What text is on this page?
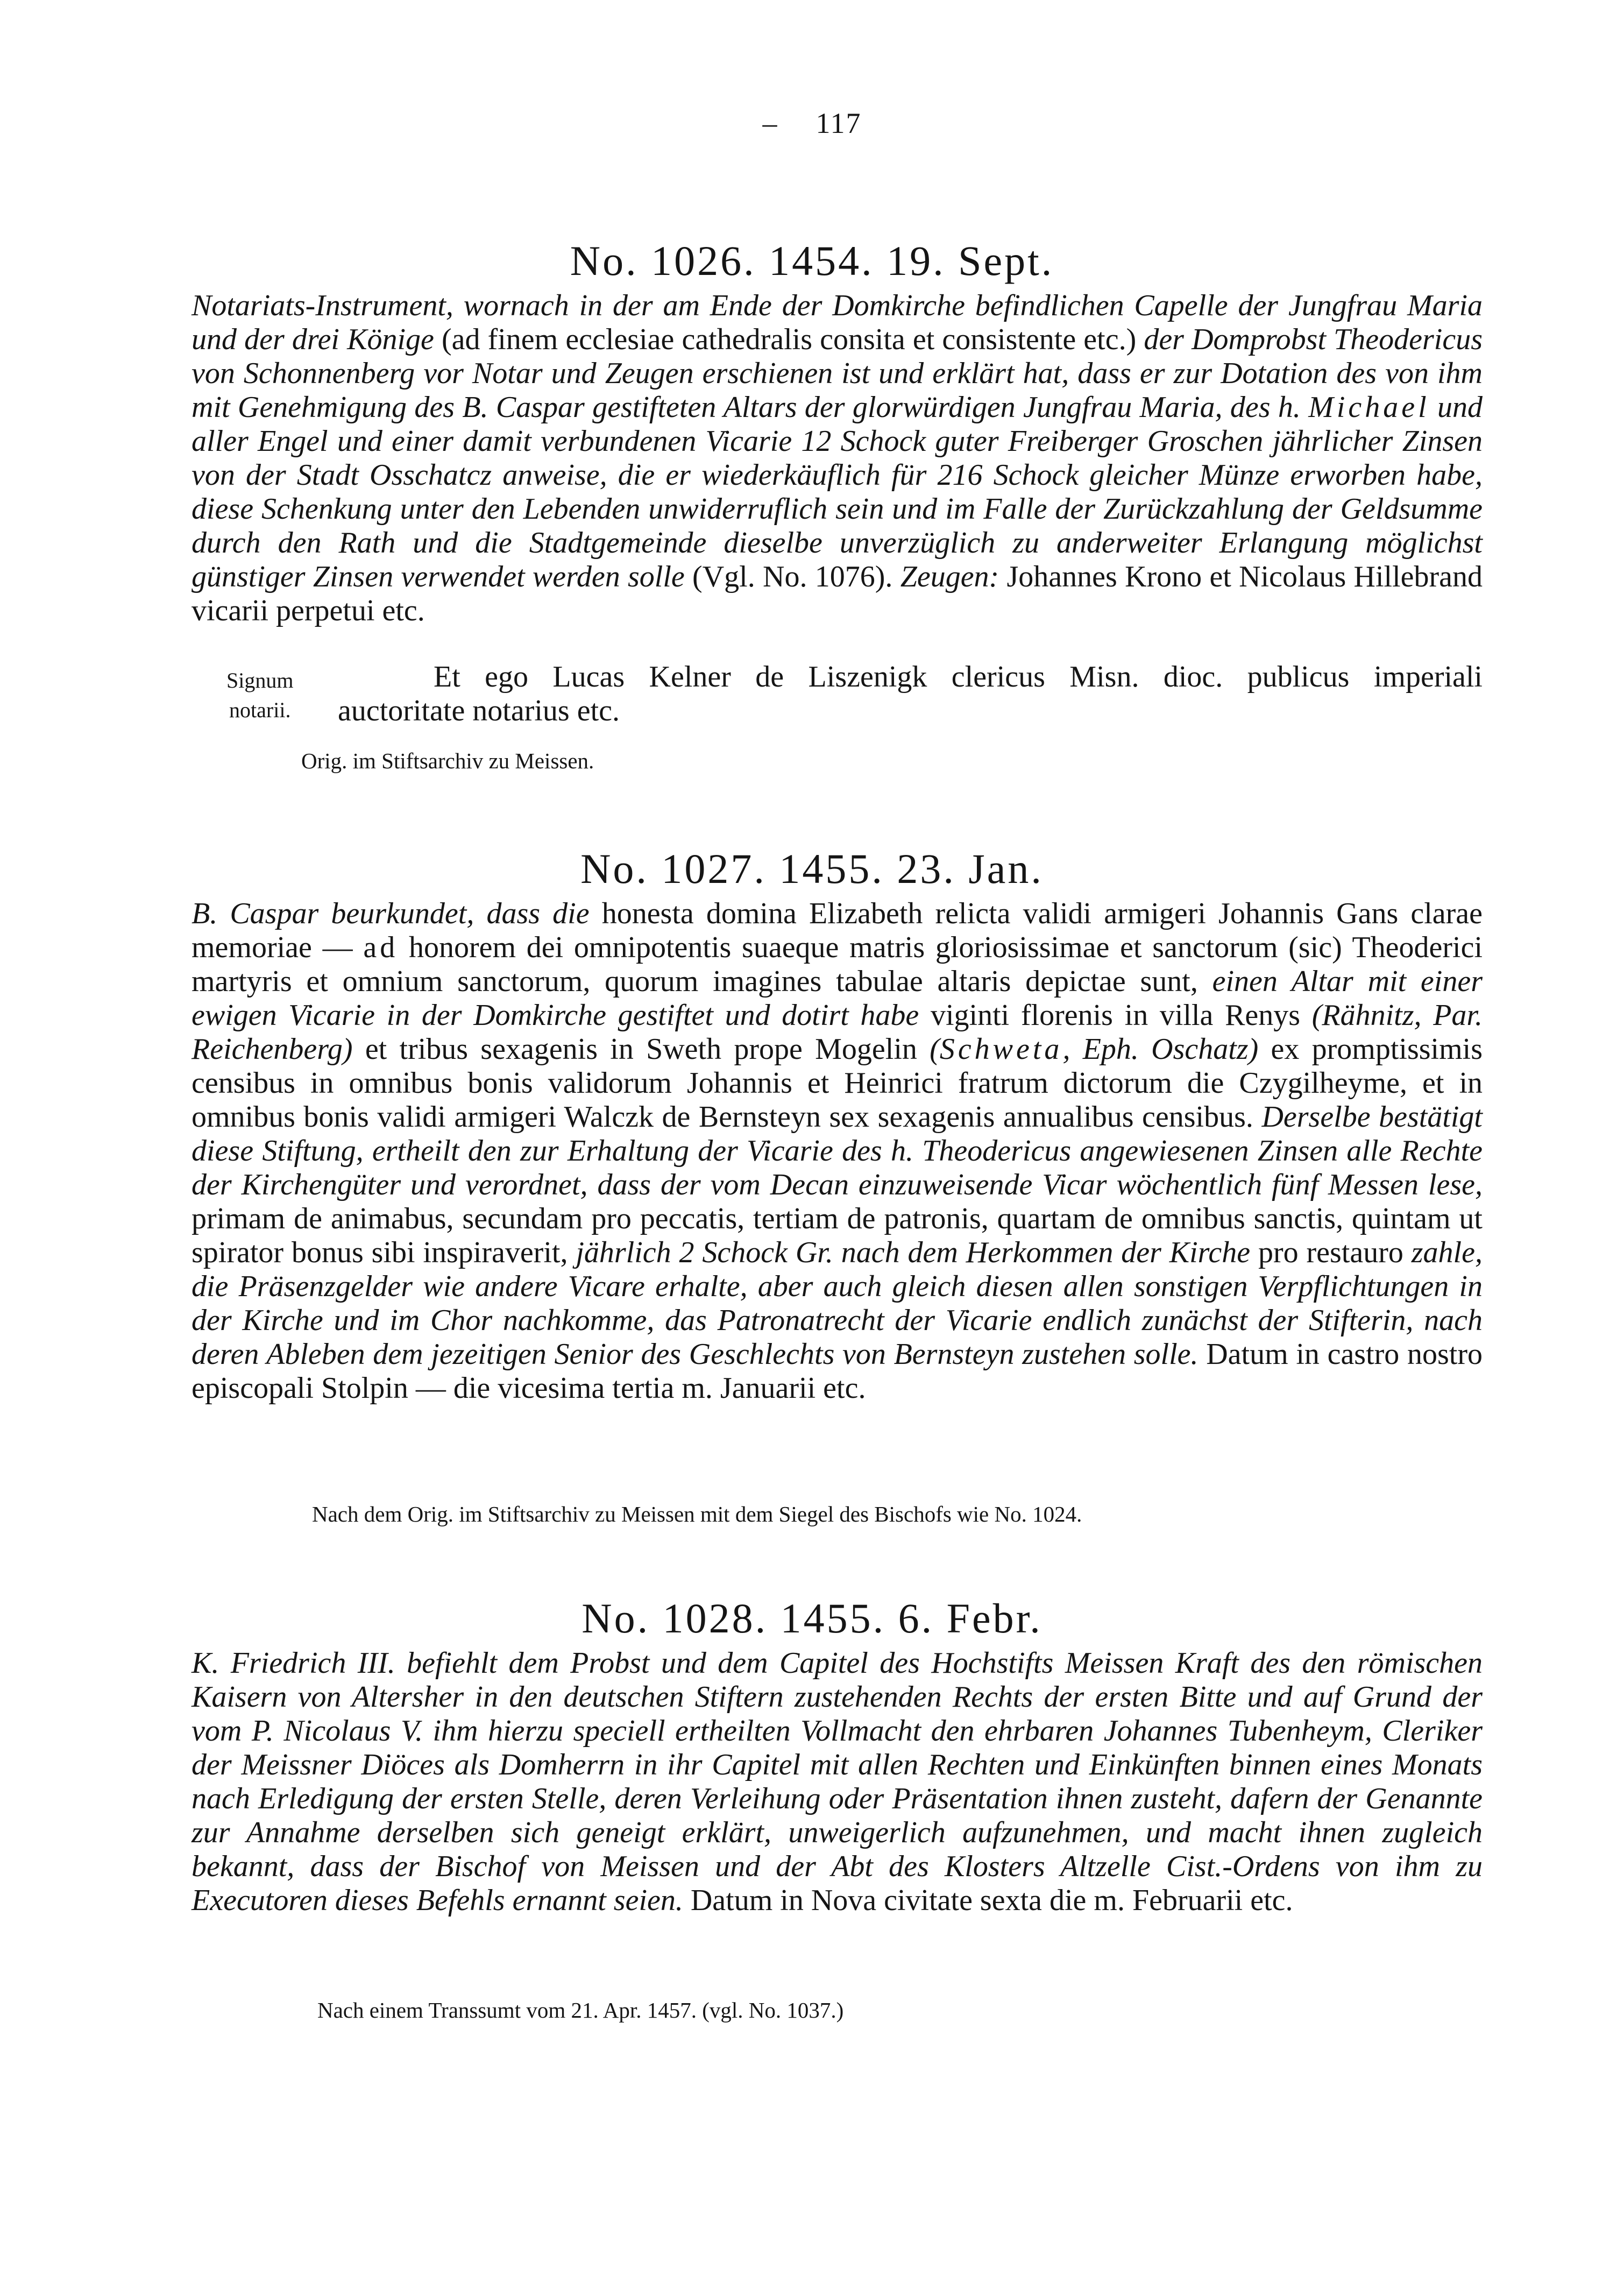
– 117
No. 1026. 1454. 19. Sept.
Notariats-Instrument, wornach in der am Ende der Domkirche befindlichen Capelle der Jungfrau Maria und der drei Könige (ad finem ecclesiae cathedralis consita et consistente etc.) der Domprobst Theodericus von Schonnenberg vor Notar und Zeugen erschienen ist und erklärt hat, dass er zur Dotation des von ihm mit Genehmigung des B. Caspar gestifteten Altars der glorwürdigen Jungfrau Maria, des h. Michael und aller Engel und einer damit verbundenen Vicarie 12 Schock guter Freiberger Groschen jährlicher Zinsen von der Stadt Osschatcz anweise, die er wiederkäuflich für 216 Schock gleicher Münze erworben habe, diese Schenkung unter den Lebenden unwiderruflich sein und im Falle der Zurückzahlung der Geldsumme durch den Rath und die Stadtgemeinde dieselbe unverzüglich zu anderweiter Erlangung möglichst günstiger Zinsen verwendet werden solle (Vgl. No. 1076). Zeugen: Johannes Krono et Nicolaus Hillebrand vicarii perpetui etc.
Signum
notarii.
Et ego Lucas Kelner de Liszenigk clericus Misn. dioc. publicus imperiali
auctoritate notarius etc.
Orig. im Stiftsarchiv zu Meissen.
No. 1027. 1455. 23. Jan.
B. Caspar beurkundet, dass die honesta domina Elizabeth relicta validi armigeri Johannis Gans clarae memoriae — ad honorem dei omnipotentis suaeque matris gloriosissimae et sanctorum (sic) Theoderici martyris et omnium sanctorum, quorum imagines tabulae altaris depictae sunt, einen Altar mit einer ewigen Vicarie in der Domkirche gestiftet und dotirt habe viginti florenis in villa Renys (Rähnitz, Par. Reichenberg) et tribus sexagenis in Sweth prope Mogelin (Schweta, Eph. Oschatz) ex promptissimis censibus in omnibus bonis validorum Johannis et Heinrici fratrum dictorum die Czygilheyme, et in omnibus bonis validi armigeri Walczk de Bernsteyn sex sexagenis annualibus censibus. Derselbe bestätigt diese Stiftung, ertheilt den zur Erhaltung der Vicarie des h. Theodericus angewiesenen Zinsen alle Rechte der Kirchengüter und verordnet, dass der vom Decan einzuweisende Vicar wöchentlich fünf Messen lese, primam de animabus, secundam pro peccatis, tertiam de patronis, quartam de omnibus sanctis, quintam ut spirator bonus sibi inspiraverit, jährlich 2 Schock Gr. nach dem Herkommen der Kirche pro restauro zahle, die Präsenzgelder wie andere Vicare erhalte, aber auch gleich diesen allen sonstigen Verpflichtungen in der Kirche und im Chor nachkomme, das Patronatrecht der Vicarie endlich zunächst der Stifterin, nach deren Ableben dem jezeitigen Senior des Geschlechts von Bernsteyn zustehen solle. Datum in castro nostro episcopali Stolpin — die vicesima tertia m. Januarii etc.
Nach dem Orig. im Stiftsarchiv zu Meissen mit dem Siegel des Bischofs wie No. 1024.
No. 1028. 1455. 6. Febr.
K. Friedrich III. befiehlt dem Probst und dem Capitel des Hochstifts Meissen Kraft des den römischen Kaisern von Altersher in den deutschen Stiftern zustehenden Rechts der ersten Bitte und auf Grund der vom P. Nicolaus V. ihm hierzu speciell ertheilten Vollmacht den ehrbaren Johannes Tubenheym, Cleriker der Meissner Diöces als Domherrn in ihr Capitel mit allen Rechten und Einkünften binnen eines Monats nach Erledigung der ersten Stelle, deren Verleihung oder Präsentation ihnen zusteht, dafern der Genannte zur Annahme derselben sich geneigt erklärt, unweigerlich aufzunehmen, und macht ihnen zugleich bekannt, dass der Bischof von Meissen und der Abt des Klosters Altzelle Cist.-Ordens von ihm zu Executoren dieses Befehls ernannt seien. Datum in Nova civitate sexta die m. Februarii etc.
Nach einem Transsumt vom 21. Apr. 1457. (vgl. No. 1037.)
